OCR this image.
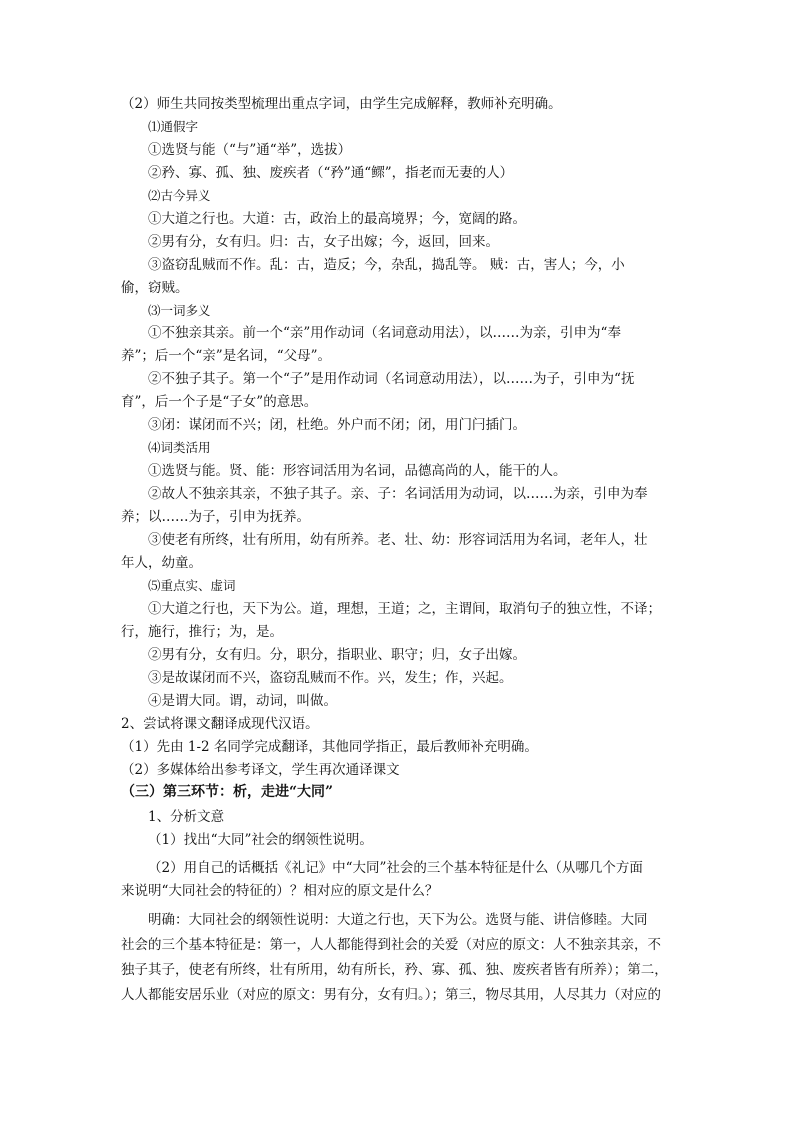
（2）师生共同按类型梳理出重点字词，由学生完成解释，教师补充明确。
⑴通假字
①选贤与能（“与”通“举”，选拔）
②矜、寡、孤、独、废疾者（“矜”通“鳏”，指老而无妻的人）
⑵古今异义
①大道之行也。大道：古，政治上的最高境界；今，宽阔的路。
②男有分，女有归。归：古，女子出嫁；今，返回，回来。
③盗窃乱贼而不作。乱：古，造反；今，杂乱，捣乱等。 贼：古，害人；今，小
偷，窃贼。
⑶一词多义
①不独亲其亲。前一个“亲”用作动词（名词意动用法），以……为亲，引申为“奉
养”；后一个“亲”是名词，“父母”。
②不独子其子。第一个“子”是用作动词（名词意动用法），以……为子，引申为“抚
育”，后一个子是“子女”的意思。
③闭：谋闭而不兴；闭，杜绝。外户而不闭；闭，用门闩插门。
⑷词类活用
①选贤与能。贤、能：形容词活用为名词，品德高尚的人，能干的人。
②故人不独亲其亲，不独子其子。亲、子：名词活用为动词，以……为亲，引申为奉
养；以……为子，引申为抚养。
③使老有所终，壮有所用，幼有所养。老、壮、幼：形容词活用为名词，老年人，壮
年人，幼童。
⑸重点实、虚词
①大道之行也，天下为公。道，理想，王道；之，主谓间，取消句子的独立性，不译；
行，施行，推行；为，是。
②男有分，女有归。分，职分，指职业、职守；归，女子出嫁。
③是故谋闭而不兴，盗窃乱贼而不作。兴，发生；作，兴起。
④是谓大同。谓，动词，叫做。
2、尝试将课文翻译成现代汉语。
（1）先由 1-2 名同学完成翻译，其他同学指正，最后教师补充明确。
（2）多媒体给出参考译文，学生再次通译课文
（三）第三环节：析，走进“大同”
1、分析文意
（1）找出“大同”社会的纲领性说明。
（2）用自己的话概括《礼记》中“大同”社会的三个基本特征是什么（从哪几个方面
来说明“大同社会的特征的）？相对应的原文是什么？
明确：大同社会的纲领性说明：大道之行也，天下为公。选贤与能、讲信修睦。大同
社会的三个基本特征是：第一，人人都能得到社会的关爱（对应的原文：人不独亲其亲，不
独子其子，使老有所终，壮有所用，幼有所长，矜、寡、孤、独、废疾者皆有所养）；第二，
人人都能安居乐业（对应的原文：男有分，女有归。）；第三，物尽其用，人尽其力（对应的
